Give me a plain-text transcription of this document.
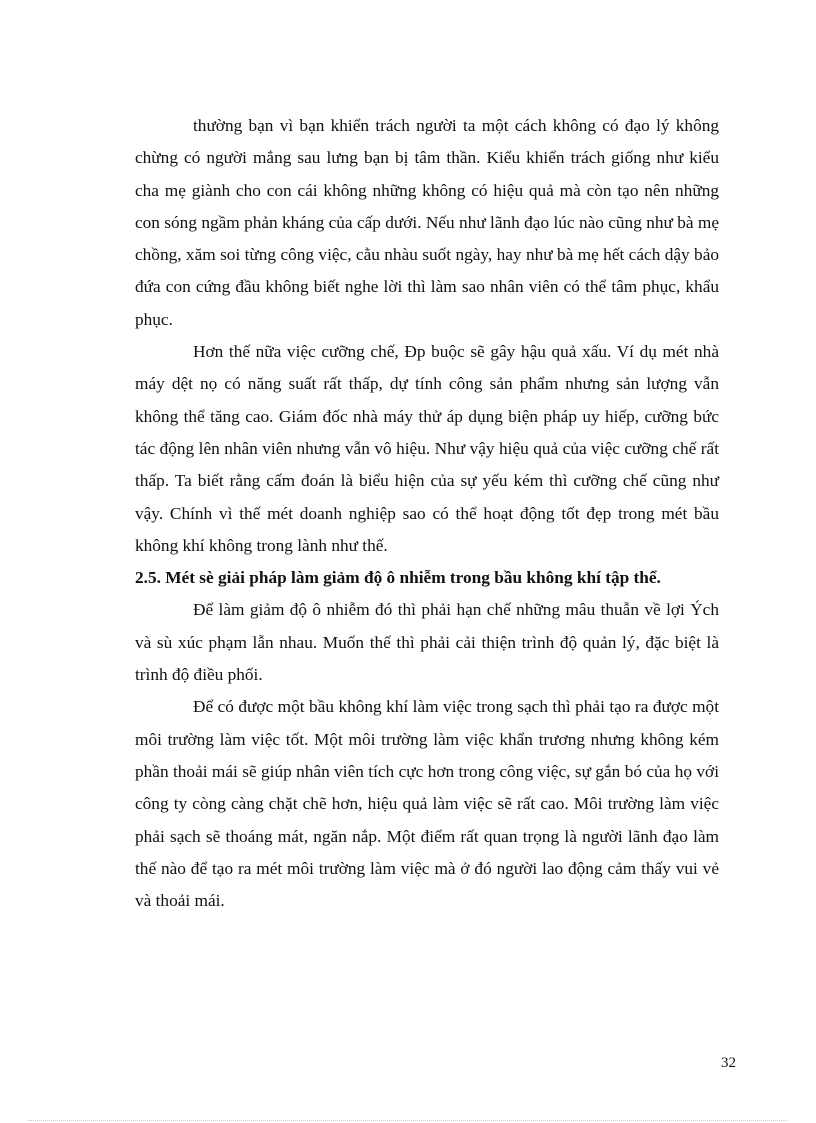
thường bạn vì bạn khiển trách người ta một cách không có đạo lý không chừng có người mắng sau lưng bạn bị tâm thần. Kiểu khiển trách giống như kiểu cha mẹ giành cho con cái không những không có hiệu quả mà còn tạo nên những con sóng ngầm phản kháng của cấp dưới. Nếu như lãnh đạo lúc nào cũng như bà mẹ chồng, xăm soi từng công việc, cằu nhàu suốt ngày, hay như bà mẹ hết cách dậy bảo đứa con cứng đầu không biết nghe lời thì làm sao nhân viên có thể tâm phục, khẩu phục.

Hơn thế nữa việc cưỡng chế, Đp buộc sẽ gây hậu quả xấu. Ví dụ mét nhà máy dệt nọ có năng suất rất thấp, dự tính công sản phẩm nhưng sản lượng vẫn không thể tăng cao. Giám đốc nhà máy thử áp dụng biện pháp uy hiếp, cưỡng bức tác động lên nhân viên nhưng vẫn vô hiệu. Như vậy hiệu quả của việc cưỡng chế rất thấp. Ta biết rằng cấm đoán là biểu hiện của sự yếu kém thì cưỡng chế cũng như vậy. Chính vì thế mét doanh nghiệp sao có thể hoạt động tốt đẹp trong mét bầu không khí không trong lành như thế.

2.5. Mét sè giải pháp làm giảm độ ô nhiễm trong bầu không khí tập thể.

Để làm giảm độ ô nhiễm đó thì phải hạn chế những mâu thuẫn về lợi Ých và sù xúc phạm lẫn nhau. Muốn thế thì phải cải thiện trình độ quản lý, đặc biệt là trình độ điều phối.

Để có được một bầu không khí làm việc trong sạch thì phải tạo ra được một môi trường làm việc tốt. Một môi trường làm việc khẩn trương nhưng không kém phần thoải mái sẽ giúp nhân viên tích cực hơn trong công việc, sự gắn bó của họ với công ty còng càng chặt chẽ hơn, hiệu quả làm việc sẽ rất cao. Môi trường làm việc phải sạch sẽ thoáng mát, ngăn nắp. Một điểm rất quan trọng là người lãnh đạo làm thế nào để tạo ra mét môi trường làm việc mà ở đó người lao động cảm thấy vui vẻ và thoải mái.

32
